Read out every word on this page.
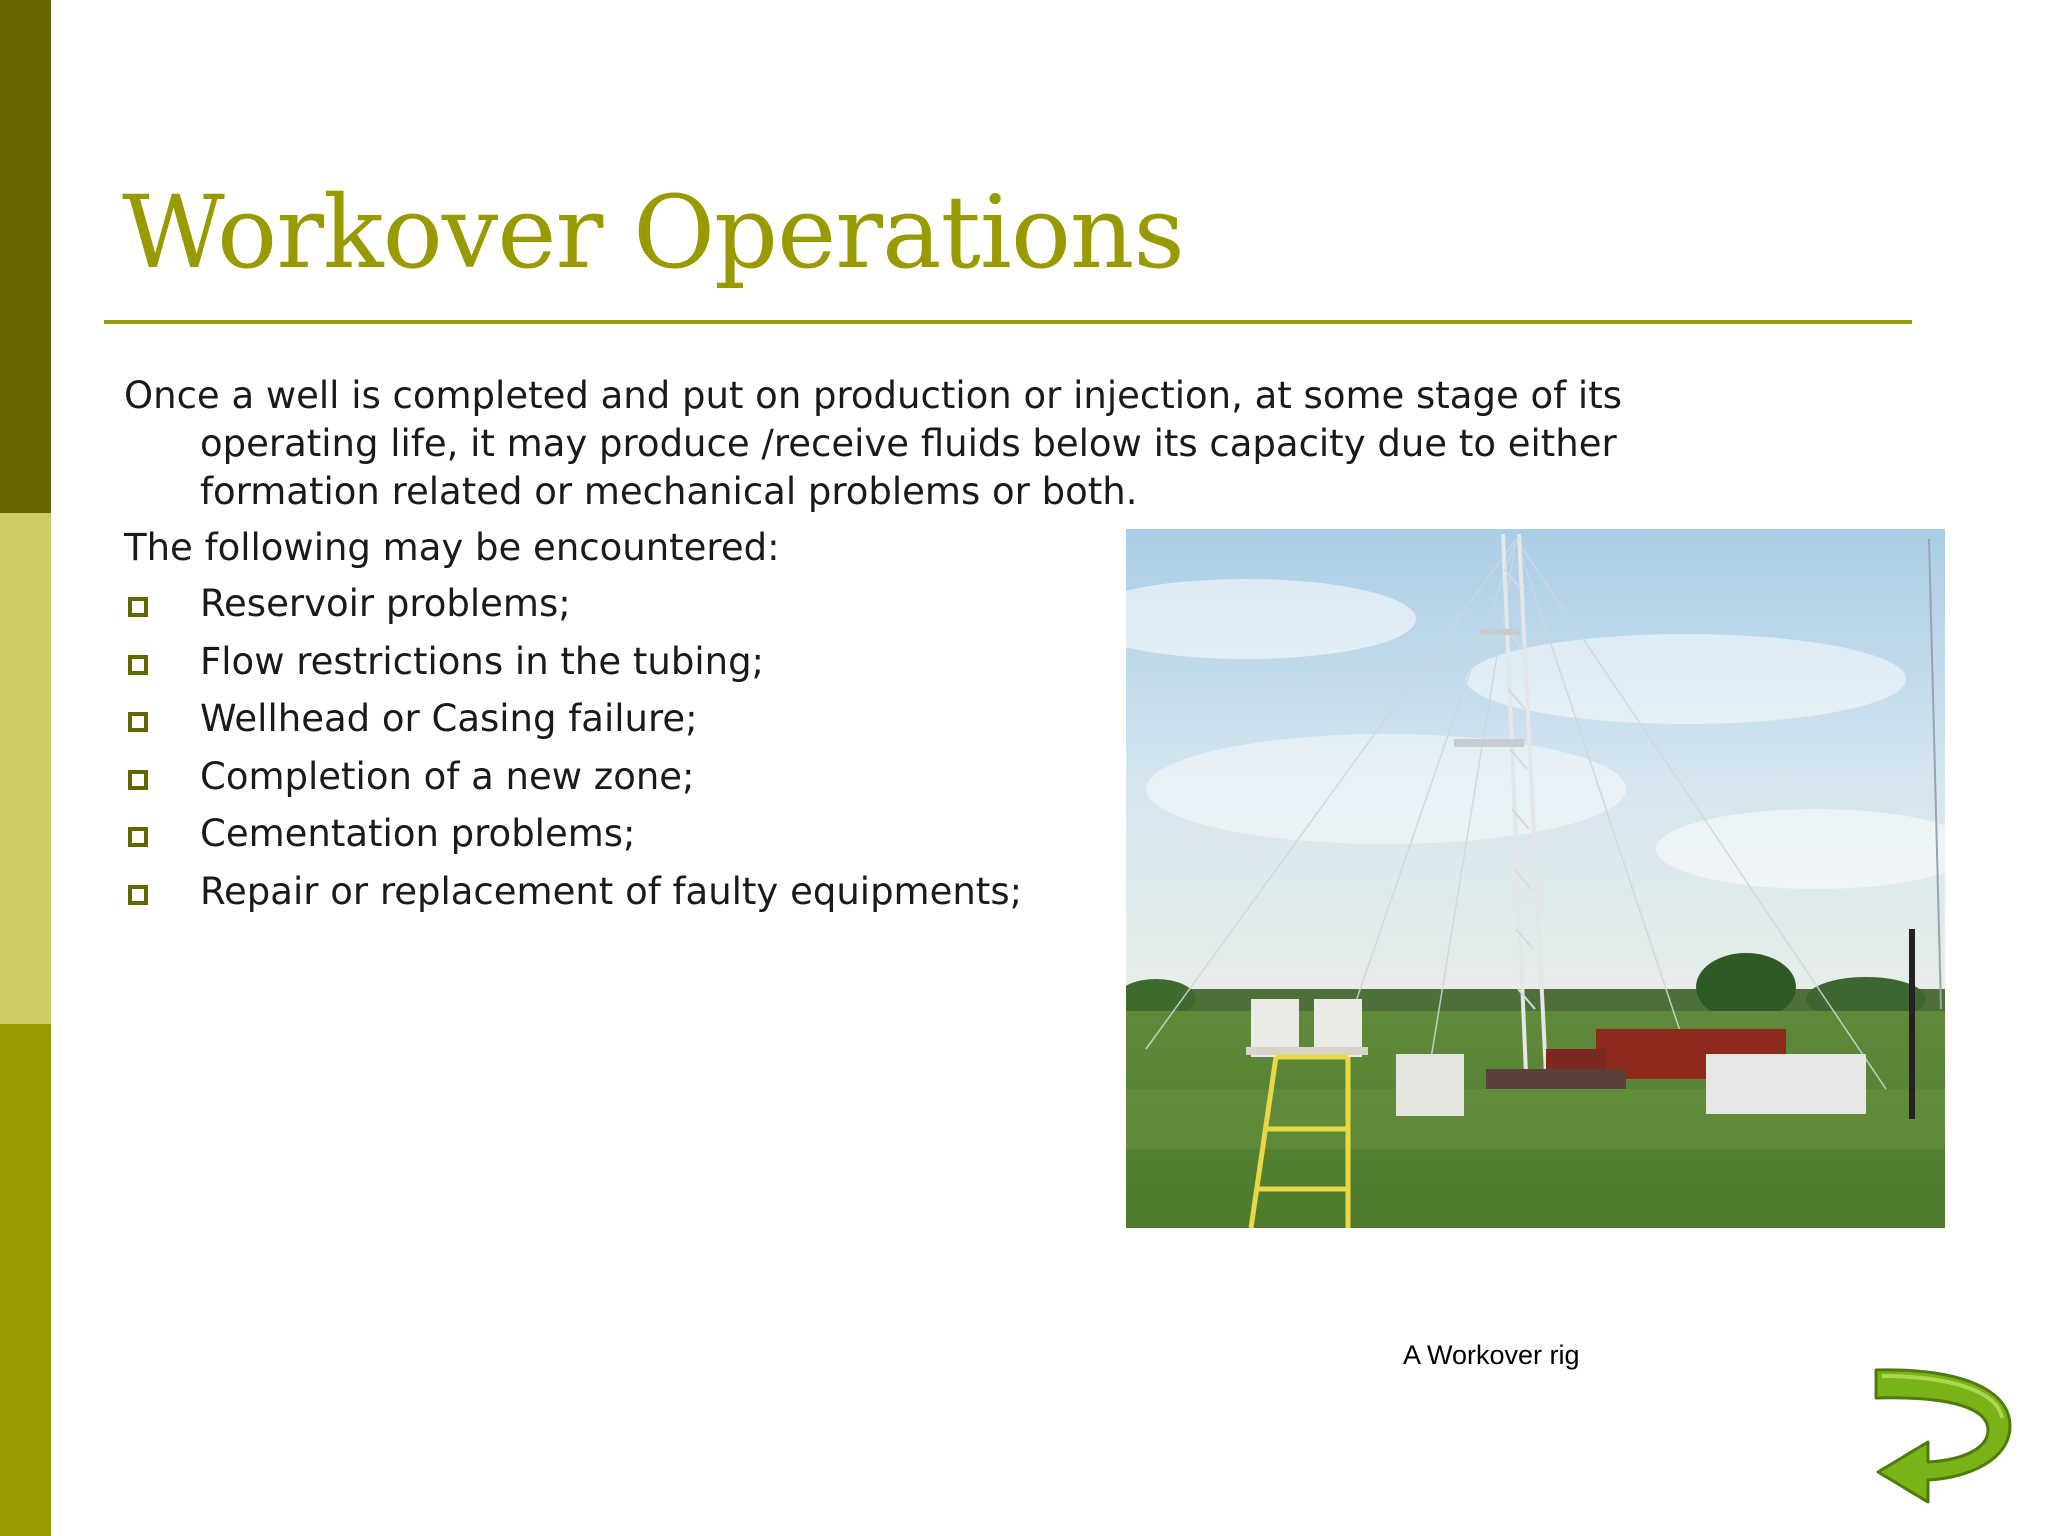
Workover Operations
Once a well is completed and put on production or injection, at some stage of its
operating life, it may produce /receive fluids below its capacity due to either
formation related or mechanical problems or both.
The following may be encountered:
Reservoir problems;
Flow restrictions in the tubing;
Wellhead or Casing failure;
Completion of a new zone;
Cementation problems;
Repair or replacement of faulty equipments;
A Workover rig
